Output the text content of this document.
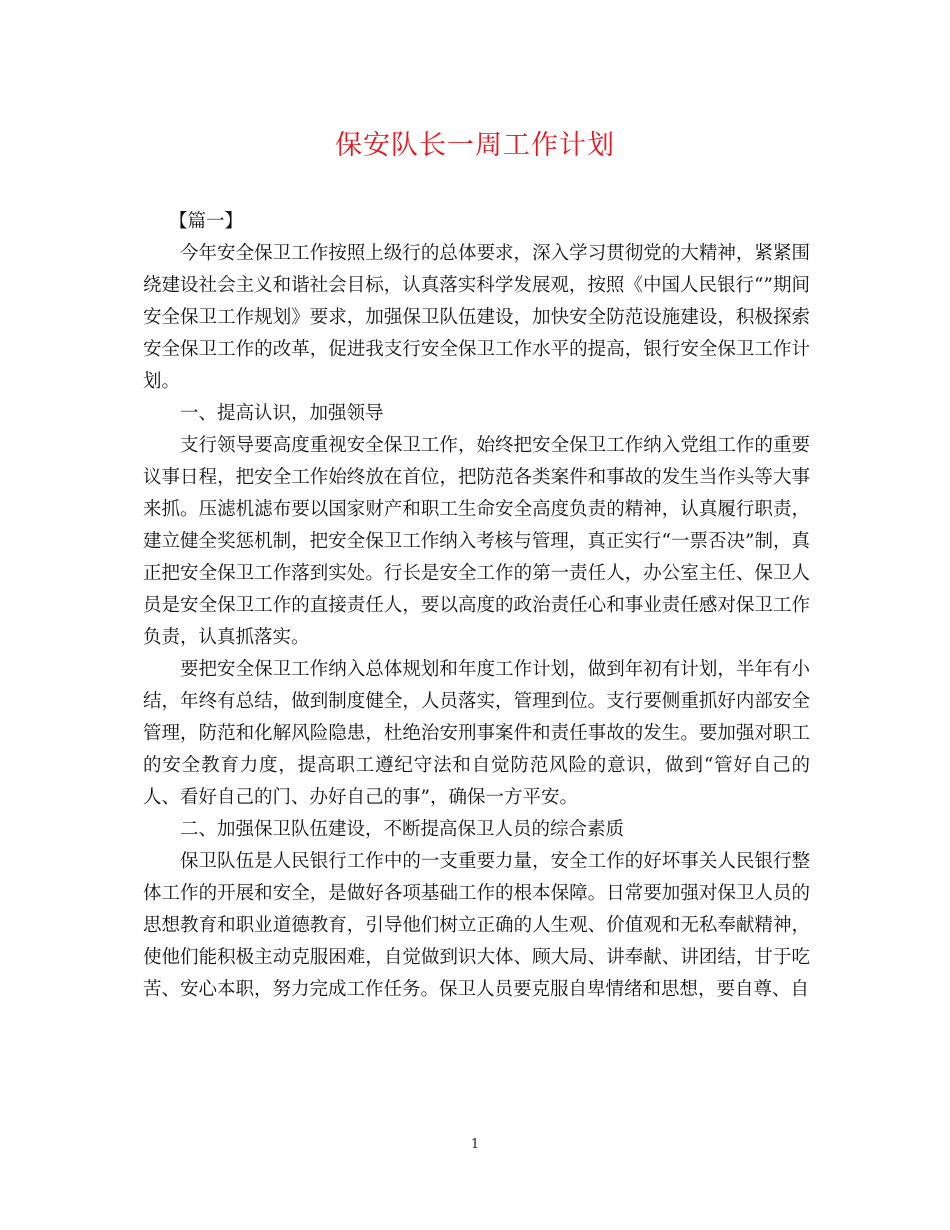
保安队长一周工作计划

【篇一】

今年安全保卫工作按照上级行的总体要求，深入学习贯彻党的大精神，紧紧围绕建设社会主义和谐社会目标，认真落实科学发展观，按照《中国人民银行“”期间安全保卫工作规划》要求，加强保卫队伍建设，加快安全防范设施建设，积极探索安全保卫工作的改革，促进我支行安全保卫工作水平的提高，银行安全保卫工作计划。

一、提高认识，加强领导

支行领导要高度重视安全保卫工作，始终把安全保卫工作纳入党组工作的重要议事日程，把安全工作始终放在首位，把防范各类案件和事故的发生当作头等大事来抓。压滤机滤布要以国家财产和职工生命安全高度负责的精神，认真履行职责，建立健全奖惩机制，把安全保卫工作纳入考核与管理，真正实行“一票否决”制，真正把安全保卫工作落到实处。行长是安全工作的第一责任人，办公室主任、保卫人员是安全保卫工作的直接责任人，要以高度的政治责任心和事业责任感对保卫工作负责，认真抓落实。

要把安全保卫工作纳入总体规划和年度工作计划，做到年初有计划，半年有小结，年终有总结，做到制度健全，人员落实，管理到位。支行要侧重抓好内部安全管理，防范和化解风险隐患，杜绝治安刑事案件和责任事故的发生。要加强对职工的安全教育力度，提高职工遵纪守法和自觉防范风险的意识，做到“管好自己的人、看好自己的门、办好自己的事”，确保一方平安。

二、加强保卫队伍建设，不断提高保卫人员的综合素质

保卫队伍是人民银行工作中的一支重要力量，安全工作的好坏事关人民银行整体工作的开展和安全，是做好各项基础工作的根本保障。日常要加强对保卫人员的思想教育和职业道德教育，引导他们树立正确的人生观、价值观和无私奉献精神，使他们能积极主动克服困难，自觉做到识大体、顾大局、讲奉献、讲团结，甘于吃苦、安心本职，努力完成工作任务。保卫人员要克服自卑情绪和思想，要自尊、自

1
